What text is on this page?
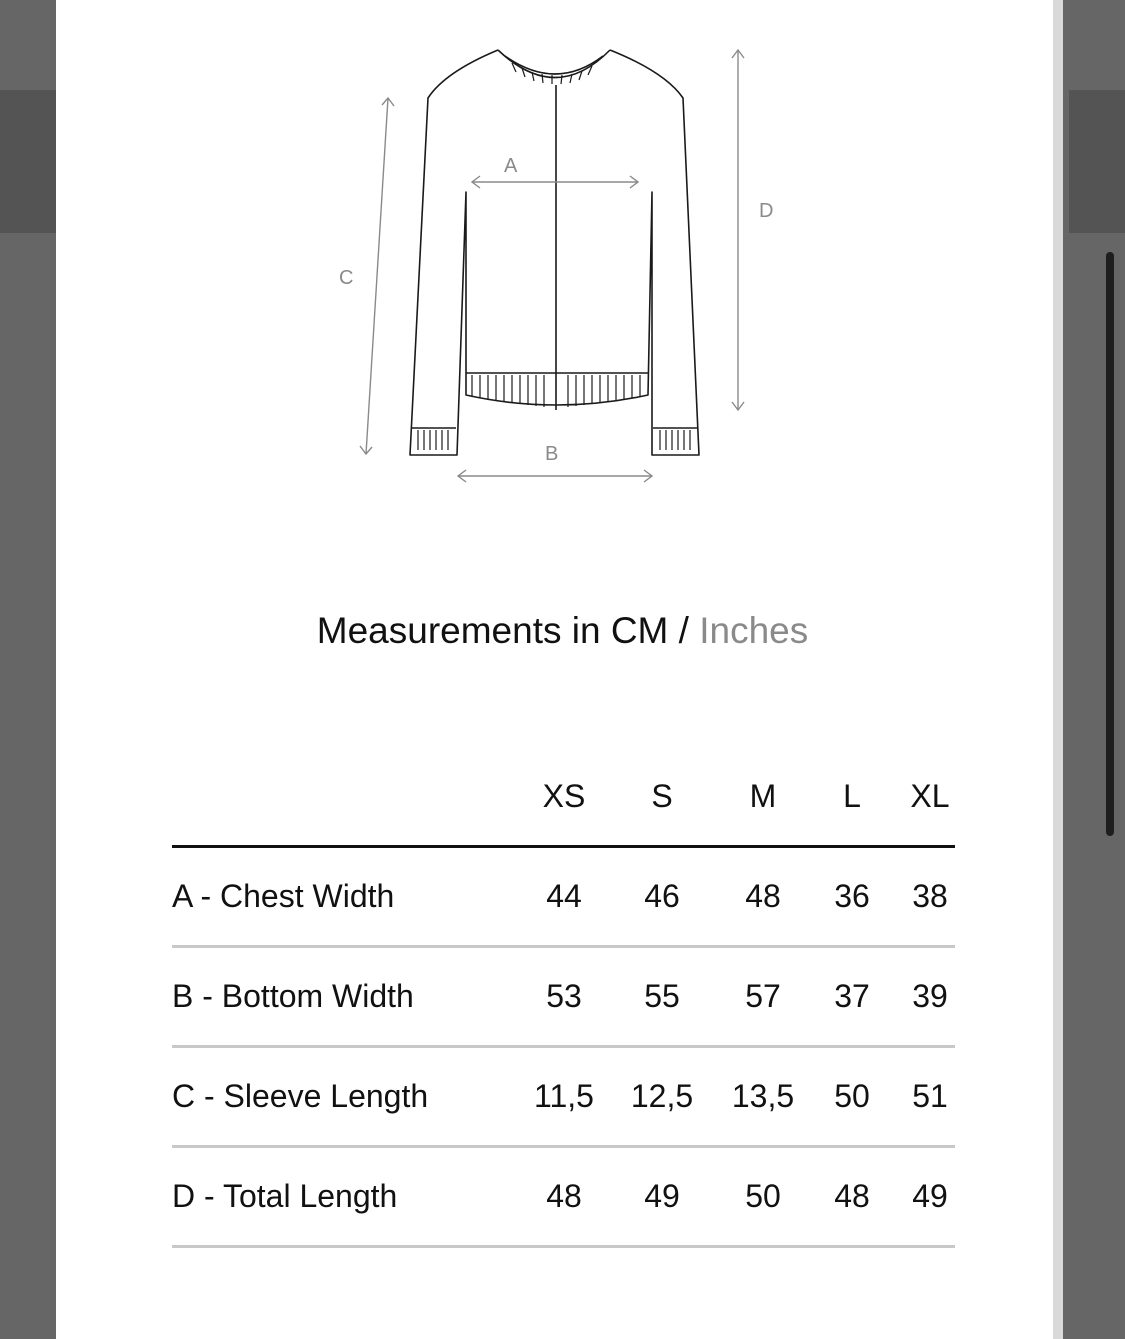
A
B
C
D
Measurements in CM / Inches
XS S M L XL
A - Chest Width	44 46 48 36 38
B - Bottom Width	53 55 57 37 39
C - Sleeve Length	11,5 12,5 13,5 50 51
D - Total Length	48 49 50 48 49
